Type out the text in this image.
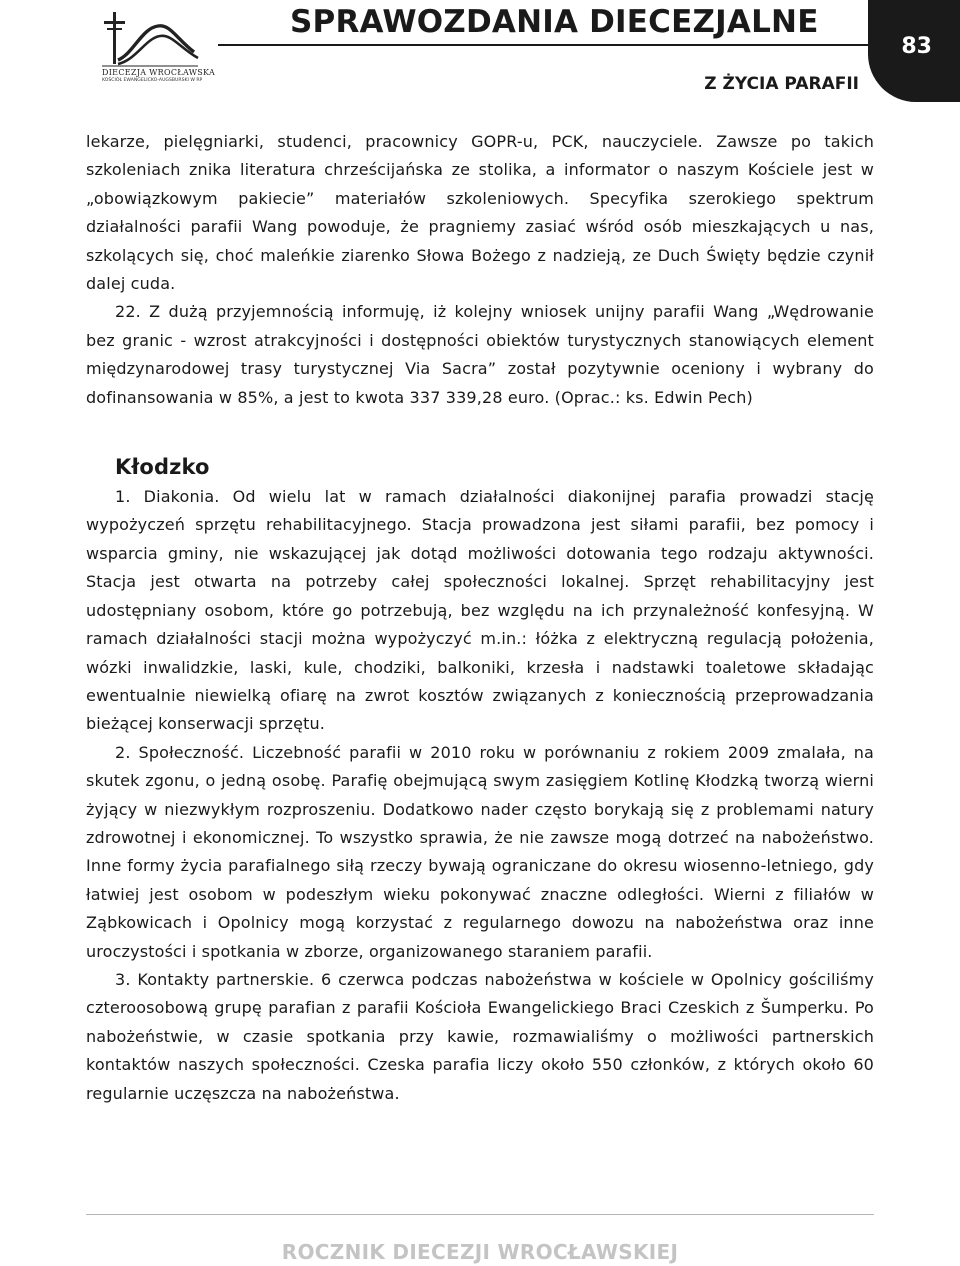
DIECEZJA WROCŁAWSKA
KOŚCIÓŁ EWANGELICKO-AUGSBURSKI W RP
SPRAWOZDANIA DIECEZJALNE
Z ŻYCIA PARAFII
83

lekarze, pielęgniarki, studenci, pracownicy GOPR-u, PCK, nauczyciele. Zawsze po takich szkoleniach znika literatura chrześcijańska ze stolika, a informator o naszym Kościele jest w „obowiązkowym pakiecie” materiałów szkoleniowych. Specyfika szerokiego spektrum działalności parafii Wang powoduje, że pragniemy zasiać wśród osób mieszkających u nas, szkolących się, choć maleńkie ziarenko Słowa Bożego z nadzieją, ze Duch Święty będzie czynił dalej cuda.

22. Z dużą przyjemnością informuję, iż kolejny wniosek unijny parafii Wang „Wędrowanie bez granic - wzrost atrakcyjności i dostępności obiektów turystycznych stanowiących element międzynarodowej trasy turystycznej Via Sacra” został pozytywnie oceniony i wybrany do dofinansowania w 85%, a jest to kwota 337 339,28 euro. (Oprac.: ks. Edwin Pech)

Kłodzko

1. Diakonia. Od wielu lat w ramach działalności diakonijnej parafia prowadzi stację wypożyczeń sprzętu rehabilitacyjnego. Stacja prowadzona jest siłami parafii, bez pomocy i wsparcia gminy, nie wskazującej jak dotąd możliwości dotowania tego rodzaju aktywności. Stacja jest otwarta na potrzeby całej społeczności lokalnej. Sprzęt rehabilitacyjny jest udostępniany osobom, które go potrzebują, bez względu na ich przynależność konfesyjną. W ramach działalności stacji można wypożyczyć m.in.: łóżka z elektryczną regulacją położenia, wózki inwalidzkie, laski, kule, chodziki, balkoniki, krzesła i nadstawki toaletowe składając ewentualnie niewielką ofiarę na zwrot kosztów związanych z koniecznością przeprowadzania bieżącej konserwacji sprzętu.

2. Społeczność. Liczebność parafii w 2010 roku w porównaniu z rokiem 2009 zmalała, na skutek zgonu, o jedną osobę. Parafię obejmującą swym zasięgiem Kotlinę Kłodzką tworzą wierni żyjący w niezwykłym rozproszeniu. Dodatkowo nader często borykają się z problemami natury zdrowotnej i ekonomicznej. To wszystko sprawia, że nie zawsze mogą dotrzeć na nabożeństwo. Inne formy życia parafialnego siłą rzeczy bywają ograniczane do okresu wiosenno-letniego, gdy łatwiej jest osobom w podeszłym wieku pokonywać znaczne odległości. Wierni z filiałów w Ząbkowicach i Opolnicy mogą korzystać z regularnego dowozu na nabożeństwa oraz inne uroczystości i spotkania w zborze, organizowanego staraniem parafii.

3. Kontakty partnerskie. 6 czerwca podczas nabożeństwa w kościele w Opolnicy gościliśmy czteroosobową grupę parafian z parafii Kościoła Ewangelickiego Braci Czeskich z Šumperku. Po nabożeństwie, w czasie spotkania przy kawie, rozmawialiśmy o możliwości partnerskich kontaktów naszych społeczności. Czeska parafia liczy około 550 członków, z których około 60 regularnie uczęszcza na nabożeństwa.

ROCZNIK DIECEZJI WROCŁAWSKIEJ
